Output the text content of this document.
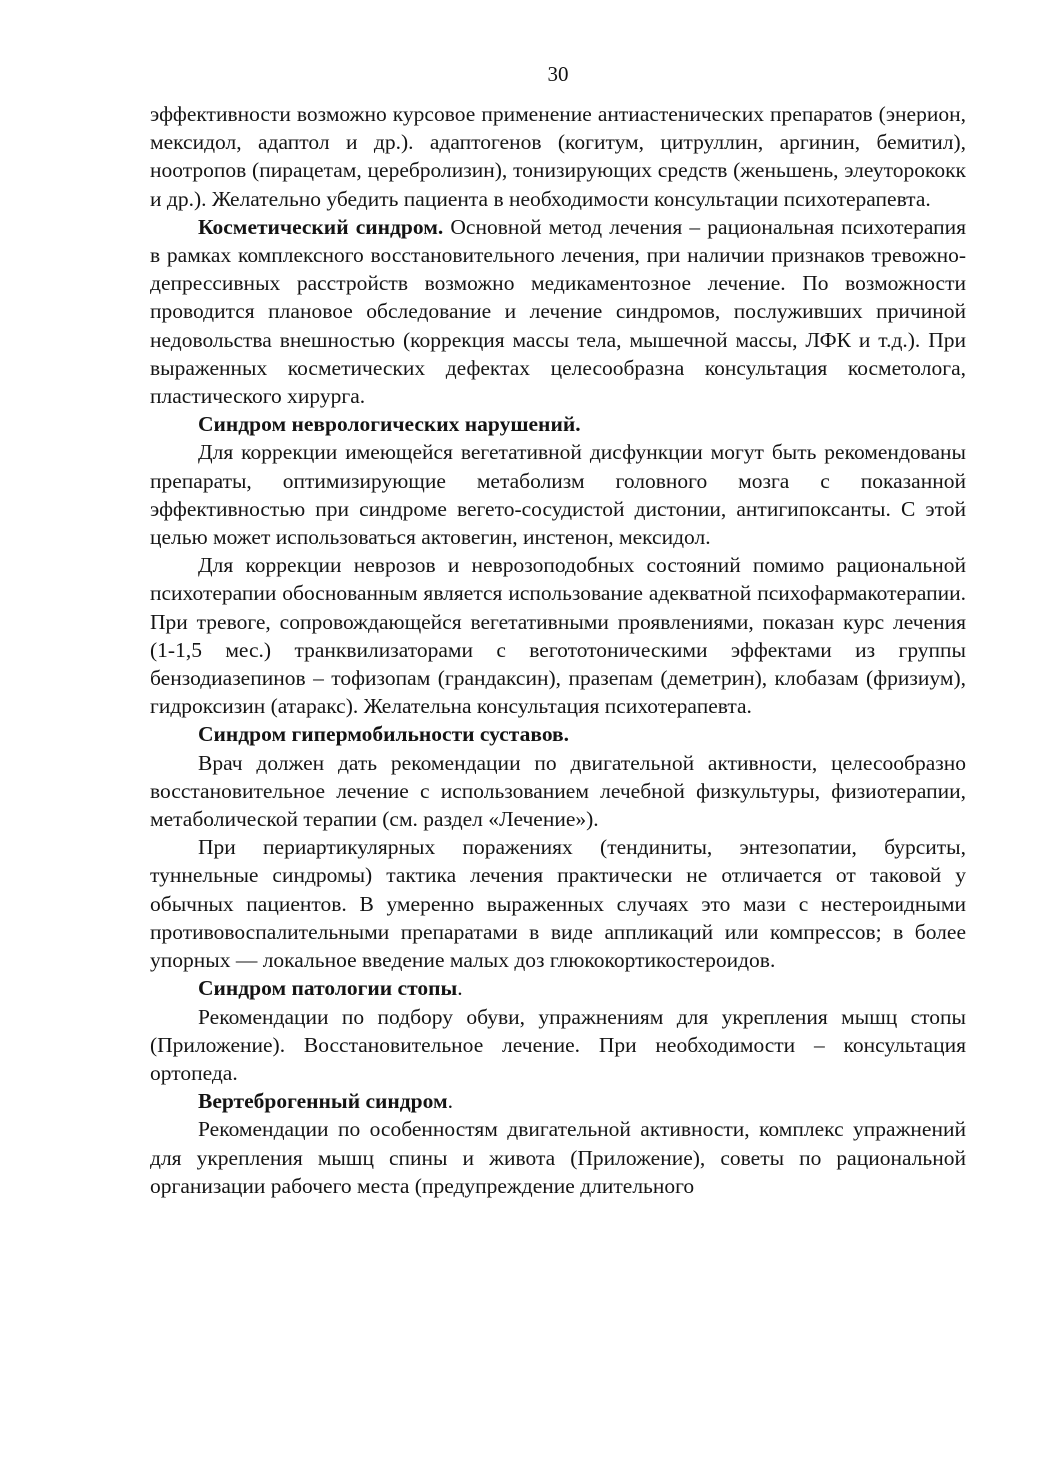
30

эффективности возможно курсовое применение антиастенических препаратов (энерион, мексидол, адаптол и др.). адаптогенов (когитум, цитруллин, аргинин, бемитил), ноотропов (пирацетам, церебролизин), тонизирующих средств (женьшень, элеуторококк и др.). Желательно убедить пациента в необходимости консультации психотерапевта.

Косметический синдром. Основной метод лечения – рациональная психотерапия в рамках комплексного восстановительного лечения, при наличии признаков тревожно-депрессивных расстройств возможно медикаментозное лечение. По возможности проводится плановое обследование и лечение синдромов, послуживших причиной недовольства внешностью (коррекция массы тела, мышечной массы, ЛФК и т.д.). При выраженных косметических дефектах целесообразна консультация косметолога, пластического хирурга.

Синдром неврологических нарушений.

Для коррекции имеющейся вегетативной дисфункции могут быть рекомендованы препараты, оптимизирующие метаболизм головного мозга с показанной эффективностью при синдроме вегето-сосудистой дистонии, антигипоксанты. С этой целью может использоваться актовегин, инстенон, мексидол.

Для коррекции неврозов и неврозоподобных состояний помимо рациональной психотерапии обоснованным является использование адекватной психофармакотерапии. При тревоге, сопровождающейся вегетативными проявлениями, показан курс лечения (1-1,5 мес.) транквилизаторами с вегототоническими эффектами из группы бензодиазепинов – тофизопам (грандаксин), празепам (деметрин), клобазам (фризиум), гидроксизин (атаракс). Желательна консультация психотерапевта.

Синдром гипермобильности суставов.

Врач должен дать рекомендации по двигательной активности, целесообразно восстановительное лечение с использованием лечебной физкультуры, физиотерапии, метаболической терапии (см. раздел «Лечение»).

При периартикулярных поражениях (тендиниты, энтезопатии, бурситы, туннельные синдромы) тактика лечения практически не отличается от таковой у обычных пациентов. В умеренно выраженных случаях это мази с нестероидными противовоспалительными препаратами в виде аппликаций или компрессов; в более упорных — локальное введение малых доз глюкокортикостероидов.

Синдром патологии стопы.

Рекомендации по подбору обуви, упражнениям для укрепления мышц стопы (Приложение). Восстановительное лечение. При необходимости – консультация ортопеда.

Вертеброгенный синдром.

Рекомендации по особенностям двигательной активности, комплекс упражнений для укрепления мышц спины и живота (Приложение), советы по рациональной организации рабочего места (предупреждение длительного
